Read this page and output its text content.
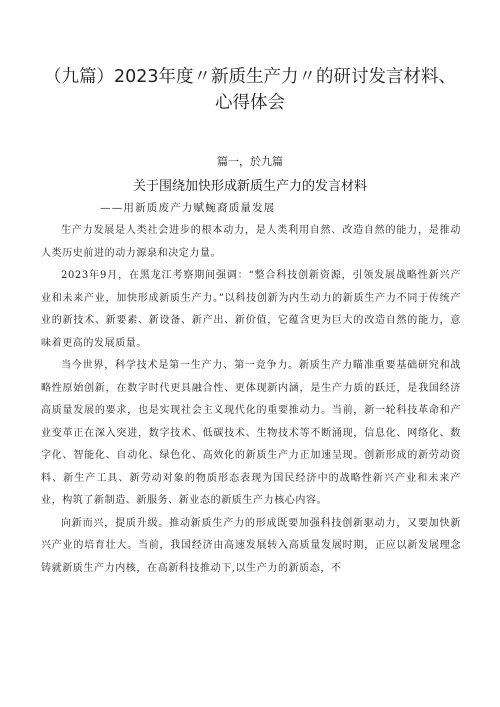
（九篇）2023年度〃新质生产力〃的研讨发言材料、心得体会
篇一，於九篇
关于围绕加快形成新质生产力的发言材料
——用新质废产力赋蜿裔质量发展

生产力发展是人类社会进步的根本动力，是人类利用自然、改造自然的能力，是推动人类历史前进的动力源泉和决定力量。

2023年9月，在黑龙江考察期间强调：“整合科技创新资源，引领发展战略性新兴产业和未来产业，加快形成新质生产力。”以科技创新为内生动力的新质生产力不同于传统产业的新技术、新要素、新设备、新产出、新价值，它蕴含更为巨大的改造自然的能力，意味着更高的发展质量。

当今世界，科学技术是第一生产力、第一竞争力。新质生产力瞄准重要基础研究和战略性原始创新，在数字时代更具融合性、更体现新内涵，是生产力质的跃迁，是我国经济高质量发展的要求，也是实现社会主义现代化的重要推动力。当前，新一轮科技革命和产业变革正在深入突进，数字技术、低碳技术、生物技术等不断涌现，信息化、网络化、数字化、智能化、自动化、绿色化、高效化的新质生产力正加速呈现。创新形成的新劳动资料、新生产工具、新劳动对象的物质形态表现为国民经济中的战略性新兴产业和未来产业，构筑了新制造、新服务、新业态的新质生产力核心内容。

向新而兴，提质升级。推动新质生产力的形成既要加强科技创新驱动力，又要加快新兴产业的培育壮大。当前，我国经济由高速发展转入高质量发展时期，正应以新发展理念铸就新质生产力内核，在高新科技推动下,以生产力的新质态，不
